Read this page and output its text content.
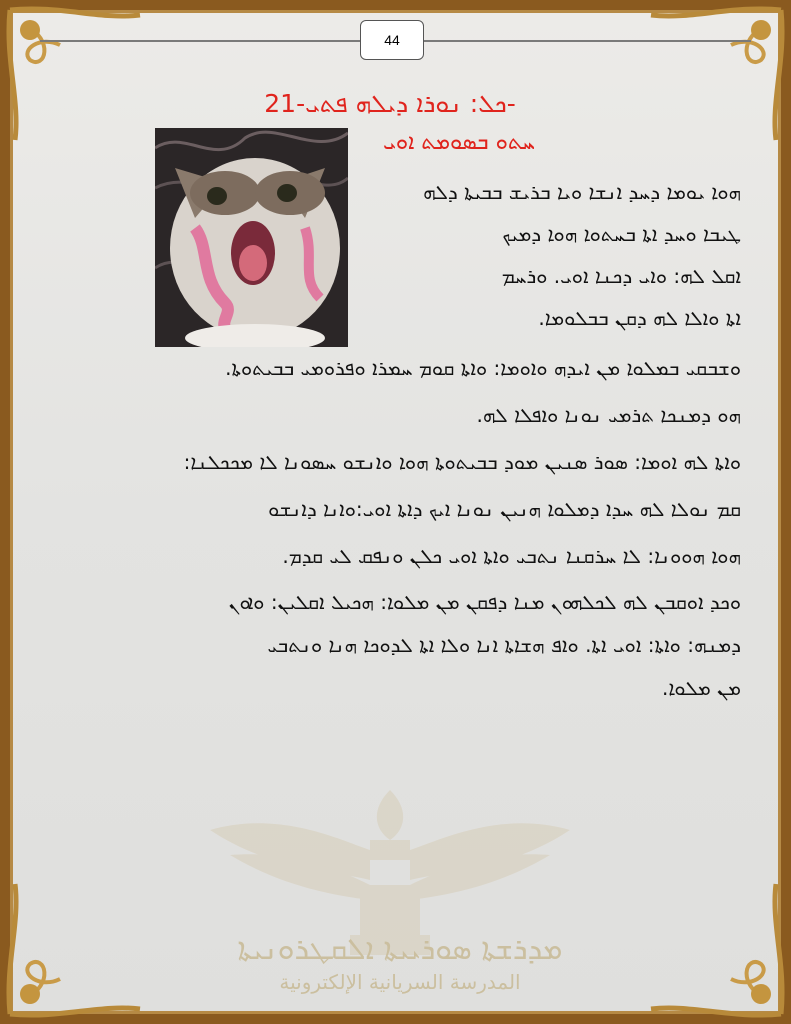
44
ܟܠ: ܢܘܪܐ ܕܝܠܗ ܦܬܝ-21-
ܚܬܘ ܒܣܘܡܬ ܐܘܝ
ܗܘܐ ܝܘܡܐ ܕܚܕ ܐܢܫܐ ܘܝܐ ܒܪܝܫ ܒܒܝܬܐ ܕܠܗ
ܛܝܒܐ ܘܚܕ ܐܬܐ ܒܚܬܘܐ ܗܘܐ ܕܡܝܟ
ܐܩܠ ܠܗ: ܘܐܝ ܕܟܢܐ ܐܘܝ. ܘܪܚܡ
ܐܬܐ ܘܐܠܐ ܠܗ ܕܩܢ ܒܒܠܘܡܐ.
ܘܫܒܩܝ ܒܡܠܘܐ ܡܢ ܐܝܕܗ ܘܐܘܡܐ: ܘܐܬܐ ܩܘܡ ܚܡܪܐ ܘܦܪܘܡܝ ܒܒܝܬܘܬܐ.
ܗܘ ܕܡܢܟܐ ܬܪܡܝ ܢܘܢܐ ܘܐܦܠܐ ܠܗ.
ܘܐܬܐ ܠܗ ܐܘܡܐ: ܣܘܪ ܣܢܝܢ ܡܘܕ ܒܒܝܬܘܬܐ ܗܘܐ ܘܐܢܫܘ ܚܣܘܢܐ ܠܐ ܡܟܟܠܢܐ:
ܩܡ ܢܘܠܐ ܠܗ ܚܕܐ ܕܡܠܘܐ ܗܢܝܢ ܢܘܢܐ ܐܝܟ ܕܐܬܐ ܐܘܝ:ܘܐܢܐ ܕܐܢܫܘ
ܗܘܐ ܗܘܘܢܐ: ܠܐ ܚܪܩܢܐ ܢܬܒܝ ܘܐܬܐ ܐܘܝ ܟܠܢ ܘܢܦܩ ܠܝ ܩܕܡ.
ܘܟܕ ܐܘܩܒܢ ܠܗ ܠܟܠܗܘܢ ܡܢܐ ܕܦܩܢ ܡܢ ܡܠܘܐ: ܗܟܝܠ ܐܩܠܝܢ: ܘܐܘܢ
ܕܡܢܗ: ܘܐܬܐ: ܐܘܝ ܐܬܐ. ܘܐܦ ܗܫܐܬܐ ܐܢܐ ܘܠܐ ܐܬܐ ܠܕܘܟܐ ܗܢܐ ܘܢܬܒܝ
ܡܢ ܡܠܘܐ.
ܡܕܪܫܬܐ ܣܘܪܝܝܬܐ ܐܠܩܛܪܘܢܝܬܐ
المدرسة السريانية الإلكترونية
